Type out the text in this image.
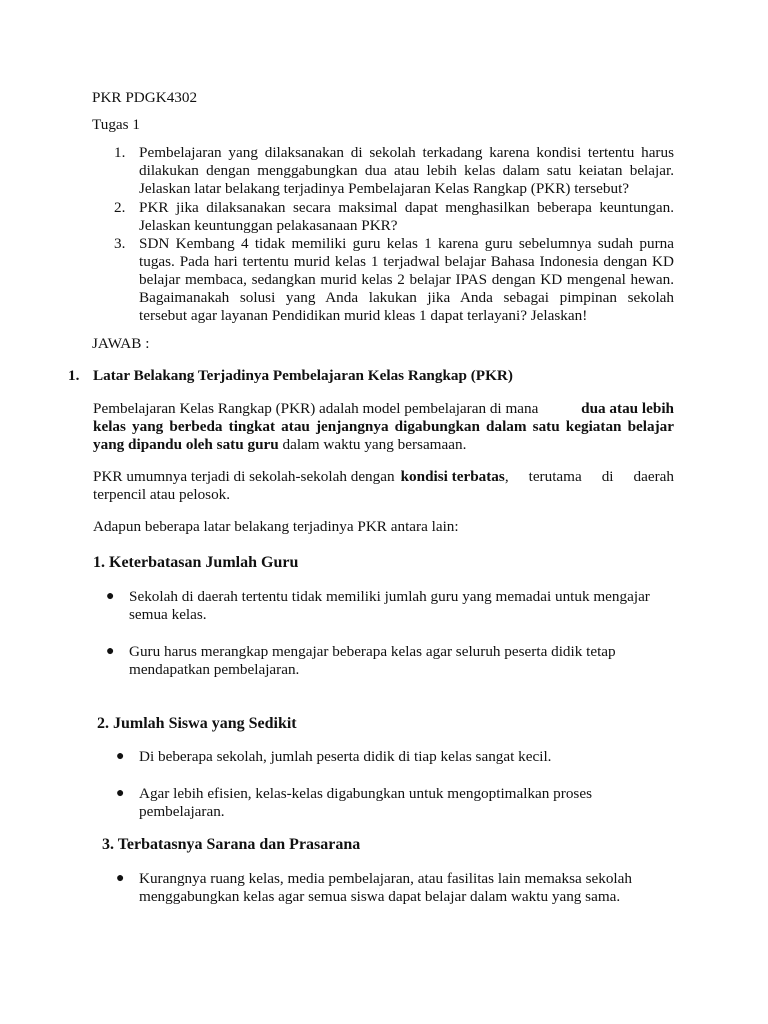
PKR PDGK4302
Tugas 1
1. Pembelajaran yang dilaksanakan di sekolah terkadang karena kondisi tertentu harus
dilakukan dengan menggabungkan dua atau lebih kelas dalam satu keiatan belajar.
Jelaskan latar belakang terjadinya Pembelajaran Kelas Rangkap (PKR) tersebut?
2. PKR jika dilaksanakan secara maksimal dapat menghasilkan beberapa keuntungan.
Jelaskan keuntunggan pelakasanaan PKR?
3. SDN Kembang 4 tidak memiliki guru kelas 1 karena guru sebelumnya sudah purna
tugas. Pada hari tertentu murid kelas 1 terjadwal belajar Bahasa Indonesia dengan KD
belajar membaca, sedangkan murid kelas 2 belajar IPAS dengan KD mengenal hewan.
Bagaimanakah solusi yang Anda lakukan jika Anda sebagai pimpinan sekolah
tersebut agar layanan Pendidikan murid kleas 1 dapat terlayani? Jelaskan!
JAWAB :
1. Latar Belakang Terjadinya Pembelajaran Kelas Rangkap (PKR)
Pembelajaran Kelas Rangkap (PKR) adalah model pembelajaran di mana	dua atau lebih
kelas yang berbeda tingkat atau jenjangnya digabungkan dalam satu kegiatan belajar
yang dipandu oleh satu guru dalam waktu yang bersamaan.
PKR umumnya terjadi di sekolah-sekolah dengan kondisi terbatas , terutama di daerah
terpencil atau pelosok.
Adapun beberapa latar belakang terjadinya PKR antara lain:
1. Keterbatasan Jumlah Guru
● Sekolah di daerah tertentu tidak memiliki jumlah guru yang memadai untuk mengajar
semua kelas.
● Guru harus merangkap mengajar beberapa kelas agar seluruh peserta didik tetap
mendapatkan pembelajaran.
2. Jumlah Siswa yang Sedikit
● Di beberapa sekolah, jumlah peserta didik di tiap kelas sangat kecil.
● Agar lebih efisien, kelas-kelas digabungkan untuk mengoptimalkan proses
pembelajaran.
3. Terbatasnya Sarana dan Prasarana
● Kurangnya ruang kelas, media pembelajaran, atau fasilitas lain memaksa sekolah
menggabungkan kelas agar semua siswa dapat belajar dalam waktu yang sama.
